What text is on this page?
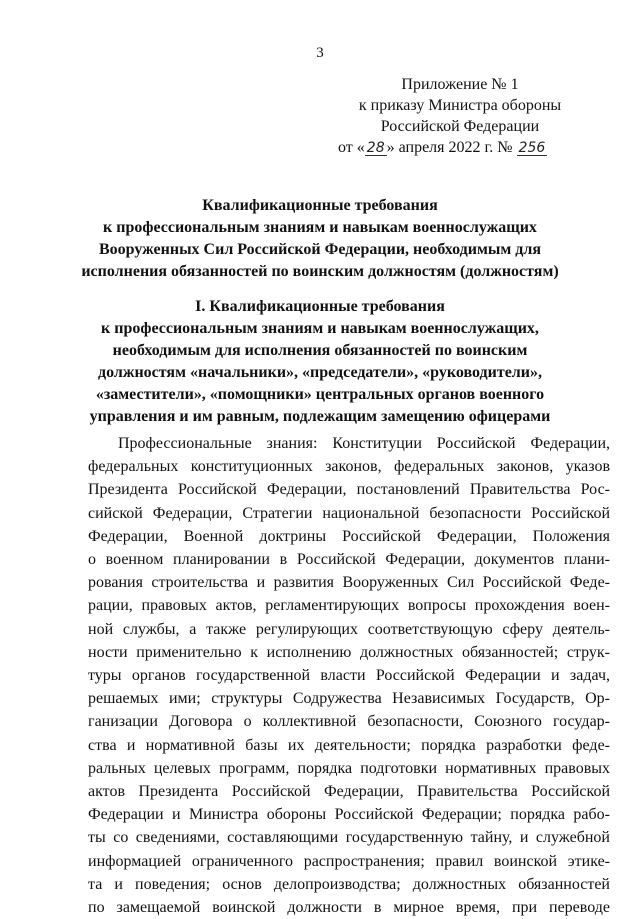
3
Приложение № 1
к приказу Министра обороны
Российской Федерации
от « 28 » апреля 2022 г. № 256
Квалификационные требования
к профессиональным знаниям и навыкам военнослужащих
Вооруженных Сил Российской Федерации, необходимым для
исполнения обязанностей по воинским должностям (должностям)
I. Квалификационные требования
к профессиональным знаниям и навыкам военнослужащих,
необходимым для исполнения обязанностей по воинским
должностям «начальники», «председатели», «руководители»,
«заместители», «помощники» центральных органов военного
управления и им равным, подлежащим замещению офицерами
Профессиональные знания: Конституции Российской Федерации,
федеральных конституционных законов, федеральных законов, указов
Президента Российской Федерации, постановлений Правительства Рос-
сийской Федерации, Стратегии национальной безопасности Российской
Федерации, Военной доктрины Российской Федерации, Положения
о военном планировании в Российской Федерации, документов плани-
рования строительства и развития Вооруженных Сил Российской Феде-
рации, правовых актов, регламентирующих вопросы прохождения воен-
ной службы, а также регулирующих соответствующую сферу деятель-
ности применительно к исполнению должностных обязанностей; струк-
туры органов государственной власти Российской Федерации и задач,
решаемых ими; структуры Содружества Независимых Государств, Ор-
ганизации Договора о коллективной безопасности, Союзного государ-
ства и нормативной базы их деятельности; порядка разработки феде-
ральных целевых программ, порядка подготовки нормативных правовых
актов Президента Российской Федерации, Правительства Российской
Федерации и Министра обороны Российской Федерации; порядка рабо-
ты со сведениями, составляющими государственную тайну, и служебной
информацией ограниченного распространения; правил воинской этике-
та и поведения; основ делопроизводства; должностных обязанностей
по замещаемой воинской должности в мирное время, при переводе
